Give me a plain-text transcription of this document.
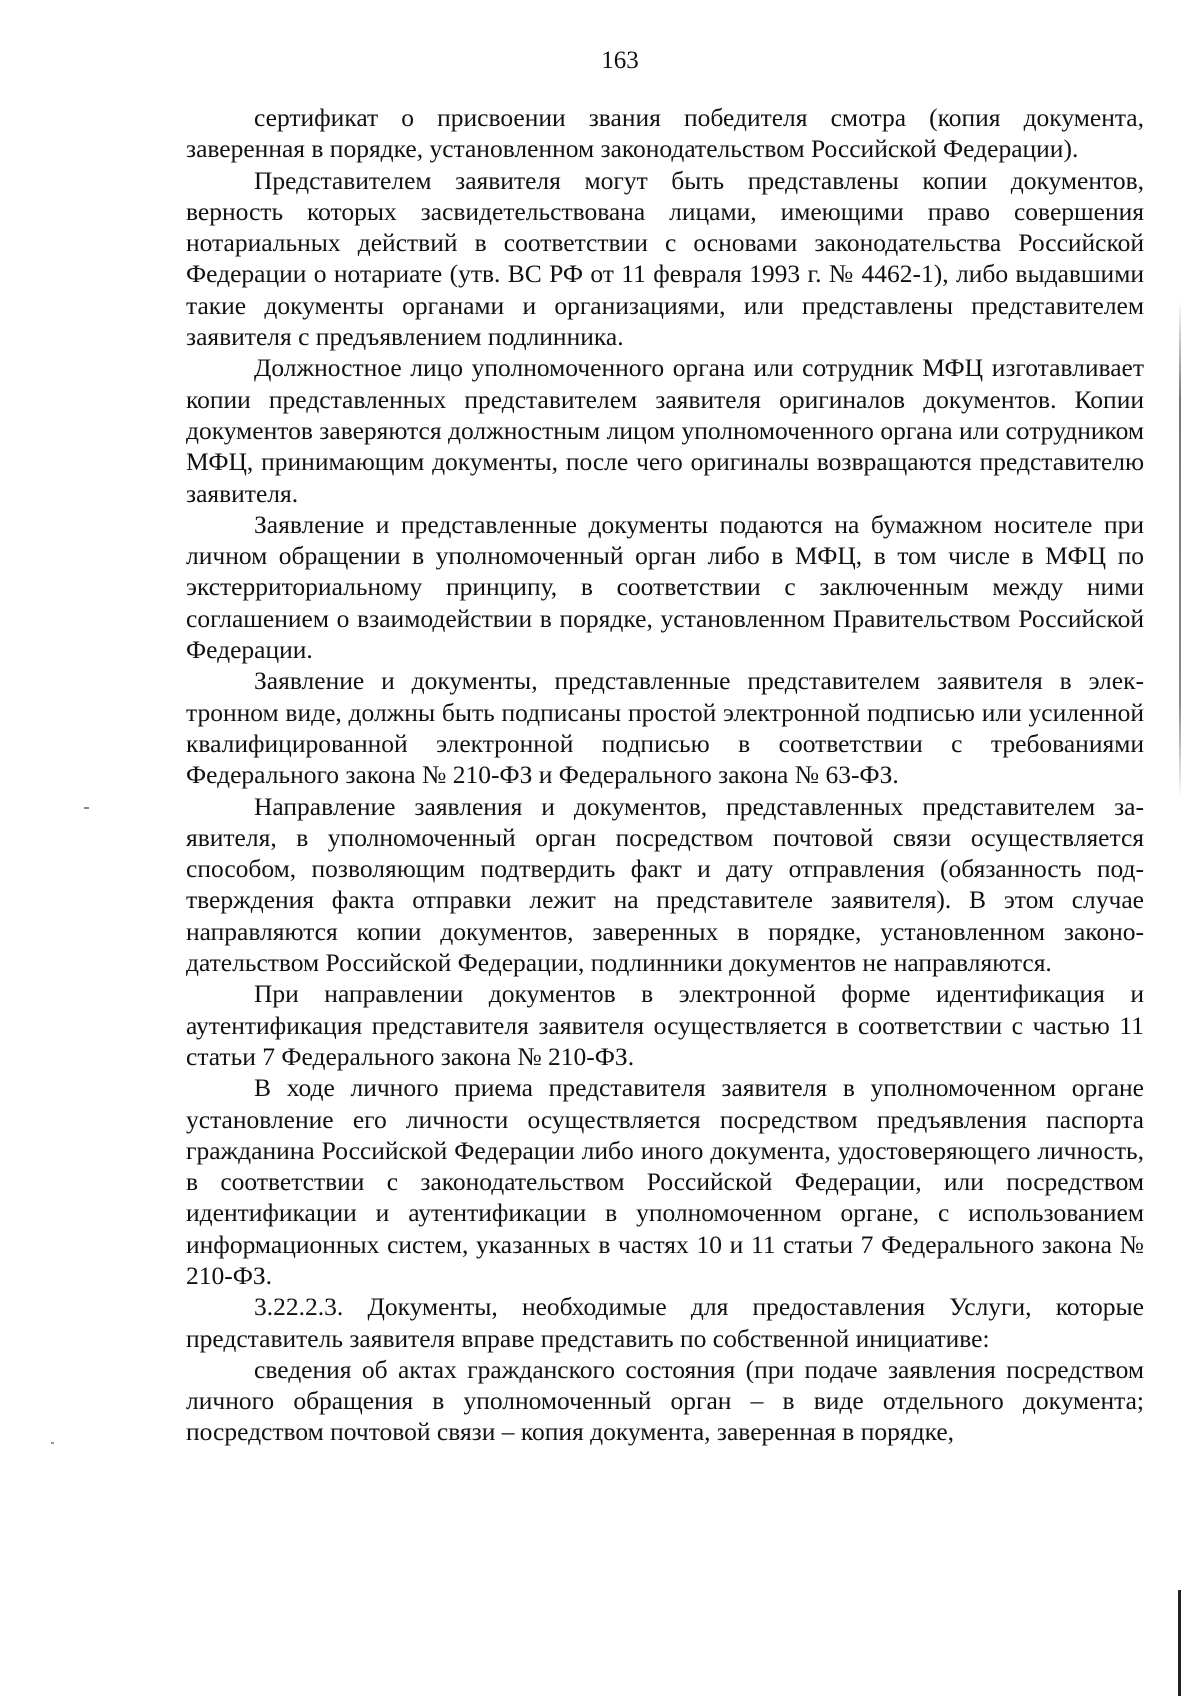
163

сертификат о присвоении звания победителя смотра (копия документа, заверенная в порядке, установленном законодательством Российской Федерации).

Представителем заявителя могут быть представлены копии документов, верность которых засвидетельствована лицами, имеющими право совершения нотариальных действий в соответствии с основами законодательства Российской Федерации о нотариате (утв. ВС РФ от 11 февраля 1993 г. № 4462-1), либо выдавшими такие документы органами и организациями, или представлены представителем заявителя с предъявлением подлинника.

Должностное лицо уполномоченного органа или сотрудник МФЦ изготавливает копии представленных представителем заявителя оригиналов документов. Копии документов заверяются должностным лицом уполномоченного органа или сотрудником МФЦ, принимающим документы, после чего оригиналы возвращаются представителю заявителя.

Заявление и представленные документы подаются на бумажном носителе при личном обращении в уполномоченный орган либо в МФЦ, в том числе в МФЦ по экстерриториальному принципу, в соответствии с заключенным между ними соглашением о взаимодействии в порядке, установленном Правительством Российской Федерации.

Заявление и документы, представленные представителем заявителя в электронном виде, должны быть подписаны простой электронной подписью или усиленной квалифицированной электронной подписью в соответствии с требованиями Федерального закона № 210-ФЗ и Федерального закона № 63-ФЗ.

Направление заявления и документов, представленных представителем заявителя, в уполномоченный орган посредством почтовой связи осуществляется способом, позволяющим подтвердить факт и дату отправления (обязанность подтверждения факта отправки лежит на представителе заявителя). В этом случае направляются копии документов, заверенных в порядке, установленном законодательством Российской Федерации, подлинники документов не направляются.

При направлении документов в электронной форме идентификация и аутентификация представителя заявителя осуществляется в соответствии с частью 11 статьи 7 Федерального закона № 210-ФЗ.

В ходе личного приема представителя заявителя в уполномоченном органе установление его личности осуществляется посредством предъявления паспорта гражданина Российской Федерации либо иного документа, удостоверяющего личность, в соответствии с законодательством Российской Федерации, или посредством идентификации и аутентификации в уполномоченном органе, с использованием информационных систем, указанных в частях 10 и 11 статьи 7 Федерального закона № 210-ФЗ.

3.22.2.3. Документы, необходимые для предоставления Услуги, которые представитель заявителя вправе представить по собственной инициативе:

сведения об актах гражданского состояния (при подаче заявления посредством личного обращения в уполномоченный орган – в виде отдельного документа; посредством почтовой связи – копия документа, заверенная в порядке,
